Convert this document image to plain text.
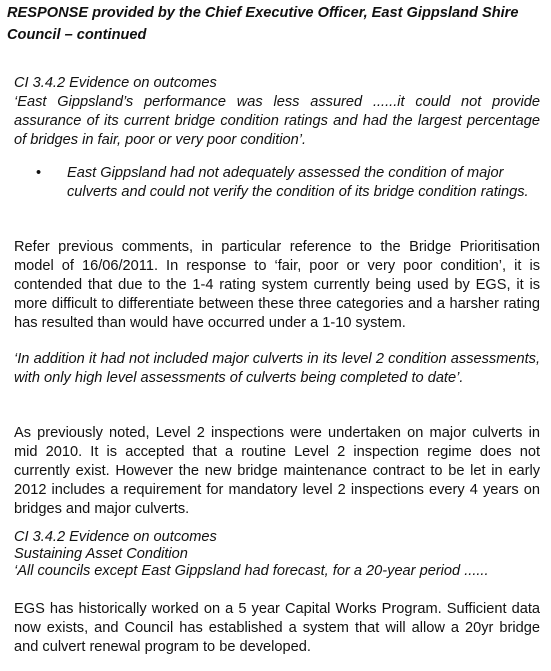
RESPONSE provided by the Chief Executive Officer, East Gippsland Shire
Council – continued
CI 3.4.2 Evidence on outcomes
‘East Gippsland’s performance was less assured ......it could not provide assurance of its current bridge condition ratings and had the largest percentage of bridges in fair, poor or very poor condition’.
• East Gippsland had not adequately assessed the condition of major culverts and could not verify the condition of its bridge condition ratings.
Refer previous comments, in particular reference to the Bridge Prioritisation model of 16/06/2011. In response to ‘fair, poor or very poor condition’, it is contended that due to the 1-4 rating system currently being used by EGS, it is more difficult to differentiate between these three categories and a harsher rating has resulted than would have occurred under a 1-10 system.
‘In addition it had not included major culverts in its level 2 condition assessments, with only high level assessments of culverts being completed to date’.
As previously noted, Level 2 inspections were undertaken on major culverts in mid 2010. It is accepted that a routine Level 2 inspection regime does not currently exist. However the new bridge maintenance contract to be let in early 2012 includes a requirement for mandatory level 2 inspections every 4 years on bridges and major culverts.
CI 3.4.2 Evidence on outcomes
Sustaining Asset Condition
‘All councils except East Gippsland had forecast, for a 20-year period ......
EGS has historically worked on a 5 year Capital Works Program. Sufficient data now exists, and Council has established a system that will allow a 20yr bridge and culvert renewal program to be developed.
